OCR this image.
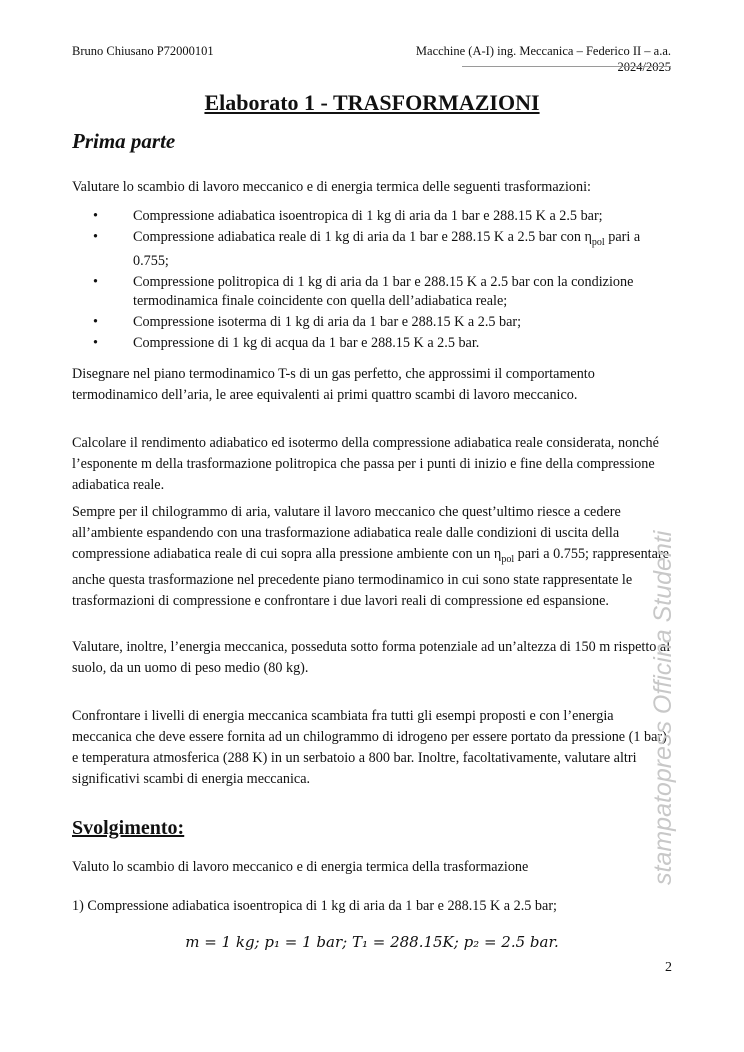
Bruno Chiusano P72000101	Macchine (A-I) ing. Meccanica – Federico II – a.a. 2024/2025
Elaborato 1 - TRASFORMAZIONI
Prima parte
Valutare lo scambio di lavoro meccanico e di energia termica delle seguenti trasformazioni:
• Compressione adiabatica isoentropica di 1 kg di aria da 1 bar e 288.15 K a 2.5 bar;
• Compressione adiabatica reale di 1 kg di aria da 1 bar e 288.15 K a 2.5 bar con $\eta_{pol}$ pari a 0.755;
• Compressione politropica di 1 kg di aria da 1 bar e 288.15 K a 2.5 bar con la condizione termodinamica finale coincidente con quella dell’adiabatica reale;
• Compressione isoterma di 1 kg di aria da 1 bar e 288.15 K a 2.5 bar;
• Compressione di 1 kg di acqua da 1 bar e 288.15 K a 2.5 bar.
Disegnare nel piano termodinamico T-s di un gas perfetto, che approssimi il comportamento termodinamico dell’aria, le aree equivalenti ai primi quattro scambi di lavoro meccanico.
Calcolare il rendimento adiabatico ed isotermo della compressione adiabatica reale considerata, nonché l’esponente m della trasformazione politropica che passa per i punti di inizio e fine della compressione adiabatica reale.
Sempre per il chilogrammo di aria, valutare il lavoro meccanico che quest’ultimo riesce a cedere all’ambiente espandendo con una trasformazione adiabatica reale dalle condizioni di uscita della compressione adiabatica reale di cui sopra alla pressione ambiente con un $\eta_{pol}$ pari a 0.755; rappresentare anche questa trasformazione nel precedente piano termodinamico in cui sono state rappresentate le trasformazioni di compressione e confrontare i due lavori reali di compressione ed espansione.
Valutare, inoltre, l’energia meccanica, posseduta sotto forma potenziale ad un’altezza di 150 m rispetto al suolo, da un uomo di peso medio (80 kg).
Confrontare i livelli di energia meccanica scambiata fra tutti gli esempi proposti e con l’energia meccanica che deve essere fornita ad un chilogrammo di idrogeno per essere portato da pressione (1 bar) e temperatura atmosferica (288 K) in un serbatoio a 800 bar. Inoltre, facoltativamente, valutare altri significativi scambi di energia meccanica.
Svolgimento:
Valuto lo scambio di lavoro meccanico e di energia termica della trasformazione
1) Compressione adiabatica isoentropica di 1 kg di aria da 1 bar e 288.15 K a 2.5 bar;
m = 1 kg; p₁ = 1 bar; T₁ = 288.15K; p₂ = 2.5 bar.
2
stampatopress Officina Studenti
